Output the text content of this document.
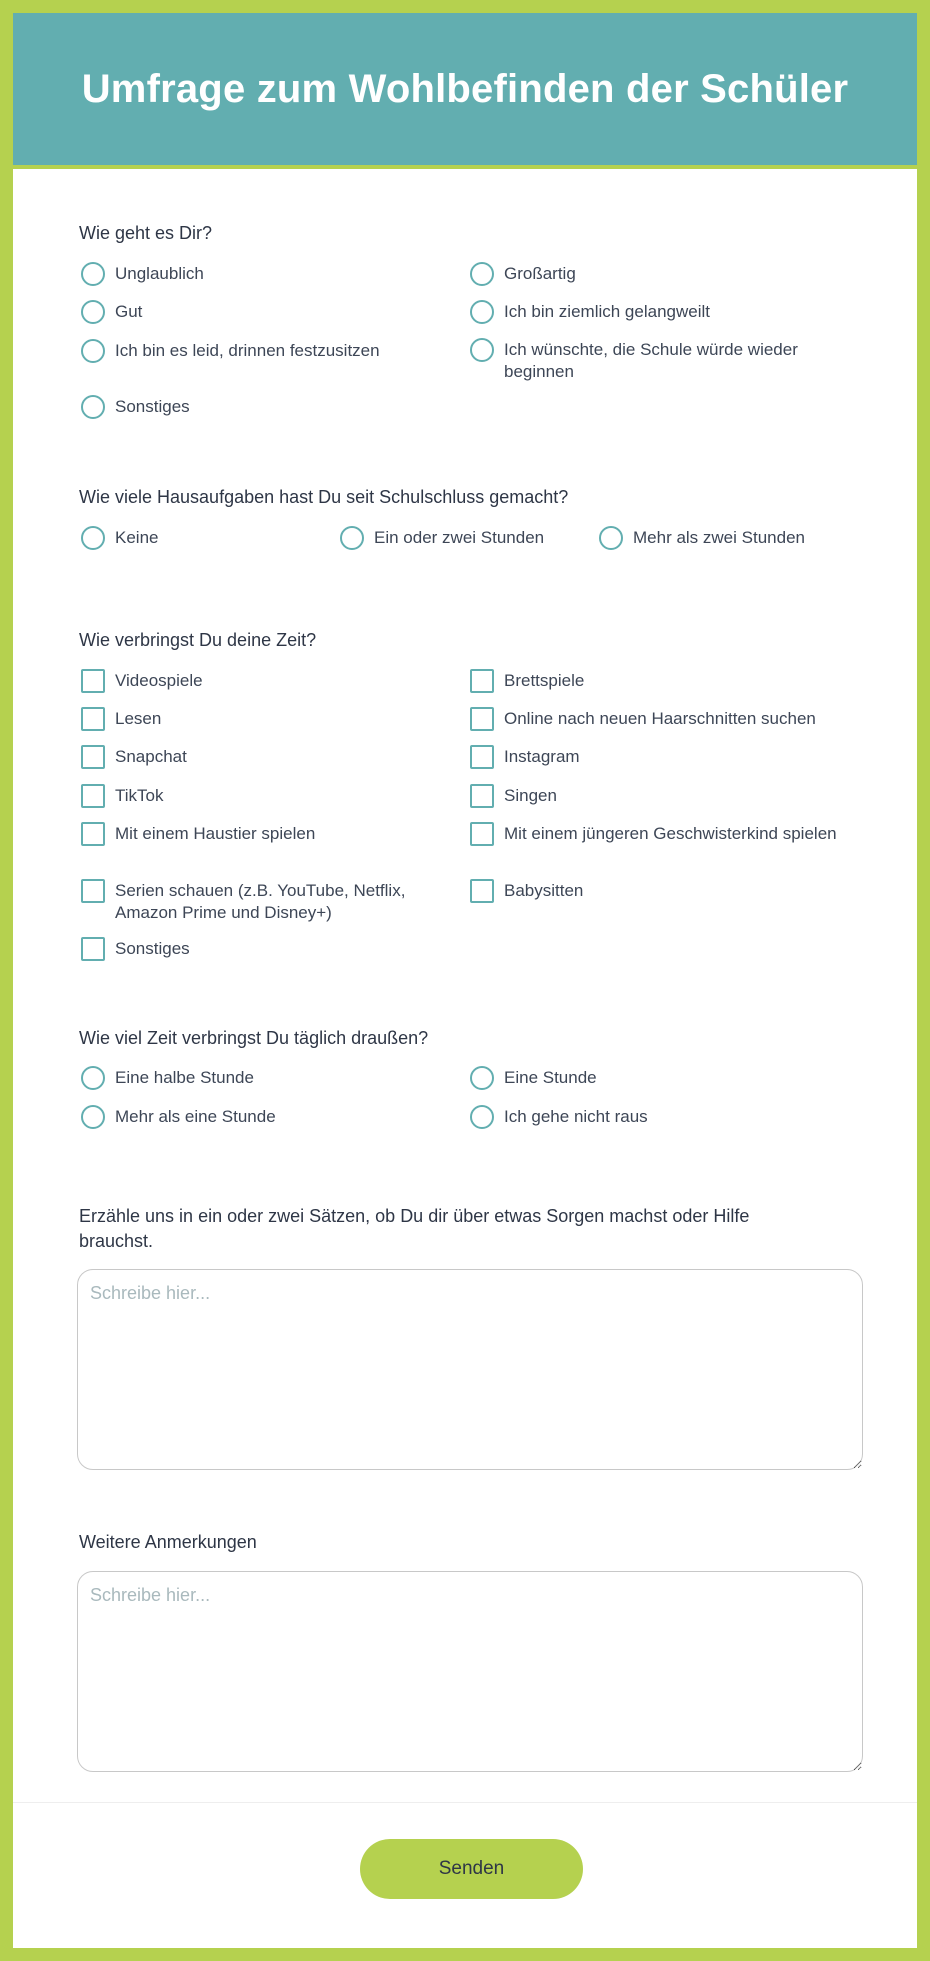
Umfrage zum Wohlbefinden der Schüler
Wie geht es Dir?
Unglaublich	Großartig
Gut	Ich bin ziemlich gelangweilt
Ich bin es leid, drinnen festzusitzen	Ich wünschte, die Schule würde wieder beginnen
Sonstiges
Wie viele Hausaufgaben hast Du seit Schulschluss gemacht?
Keine	Ein oder zwei Stunden	Mehr als zwei Stunden
Wie verbringst Du deine Zeit?
Videospiele	Brettspiele
Lesen	Online nach neuen Haarschnitten suchen
Snapchat	Instagram
TikTok	Singen
Mit einem Haustier spielen	Mit einem jüngeren Geschwisterkind spielen
Serien schauen (z.B. YouTube, Netflix, Amazon Prime und Disney+)
Babysitten
Sonstiges
Wie viel Zeit verbringst Du täglich draußen?
Eine halbe Stunde	Eine Stunde
Mehr als eine Stunde	Ich gehe nicht raus
Erzähle uns in ein oder zwei Sätzen, ob Du dir über etwas Sorgen machst oder Hilfe brauchst.
Schreibe hier...
Weitere Anmerkungen
Schreibe hier...
Senden
